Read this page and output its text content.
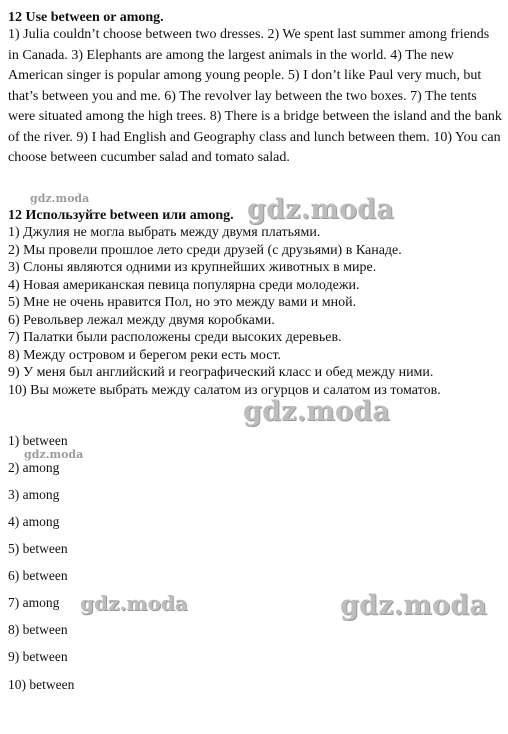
12 Use between or among.

1) Julia couldn’t choose between two dresses. 2) We spent last summer among friends in Canada. 3) Elephants are among the largest animals in the world. 4) The new American singer is popular among young people. 5) I don’t like Paul very much, but that’s between you and me. 6) The revolver lay between the two boxes. 7) The tents were situated among the high trees. 8) There is a bridge between the island and the bank of the river. 9) I had English and Geography class and lunch between them. 10) You can choose between cucumber salad and tomato salad.

gdz.moda
12 Используйте between или among. gdz.moda
1) Джулия не могла выбрать между двумя платьями.
2) Мы провели прошлое лето среди друзей (с друзьями) в Канаде.
3) Слоны являются одними из крупнейших животных в мире.
4) Новая американская певица популярна среди молодежи.
5) Мне не очень нравится Пол, но это между вами и мной.
6) Револьвер лежал между двумя коробками.
7) Палатки были расположены среди высоких деревьев.
8) Между островом и берегом реки есть мост.
9) У меня был английский и географический класс и обед между ними.
10) Вы можете выбрать между салатом из огурцов и салатом из томатов.
gdz.moda
1) between
gdz.moda
2) among
3) among
4) among
5) between
6) between
7) among gdz.moda	gdz.moda
8) between
9) between
10) between
